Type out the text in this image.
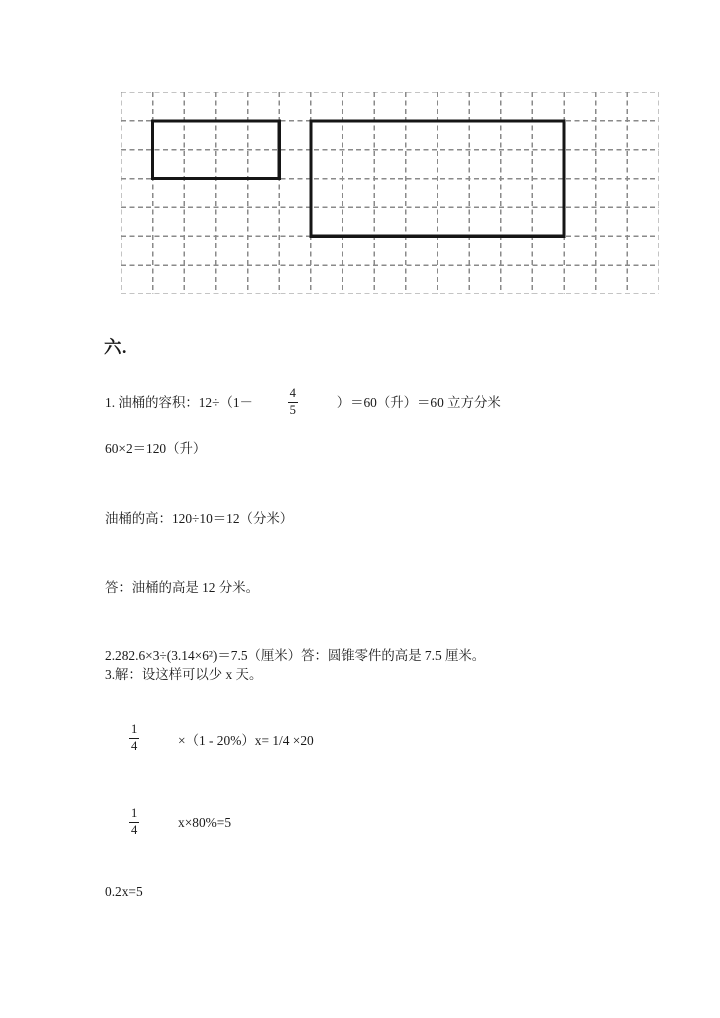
六.
1. 油桶的容积：12÷（1－	$\frac{4}{5}$	）＝60（升）＝60 立方分米
60×2＝120（升）
油桶的高：120÷10＝12（分米）
答：油桶的高是 12 分米。
2.282.6×3÷(3.14×6²)＝7.5（厘米）答：圆锥零件的高是 7.5 厘米。
3.解：设这样可以少 x 天。
$\frac{1}{4}$	×（1 - 20%）x= 1/4 ×20
$\frac{1}{4}$	x×80%=5
0.2x=5
